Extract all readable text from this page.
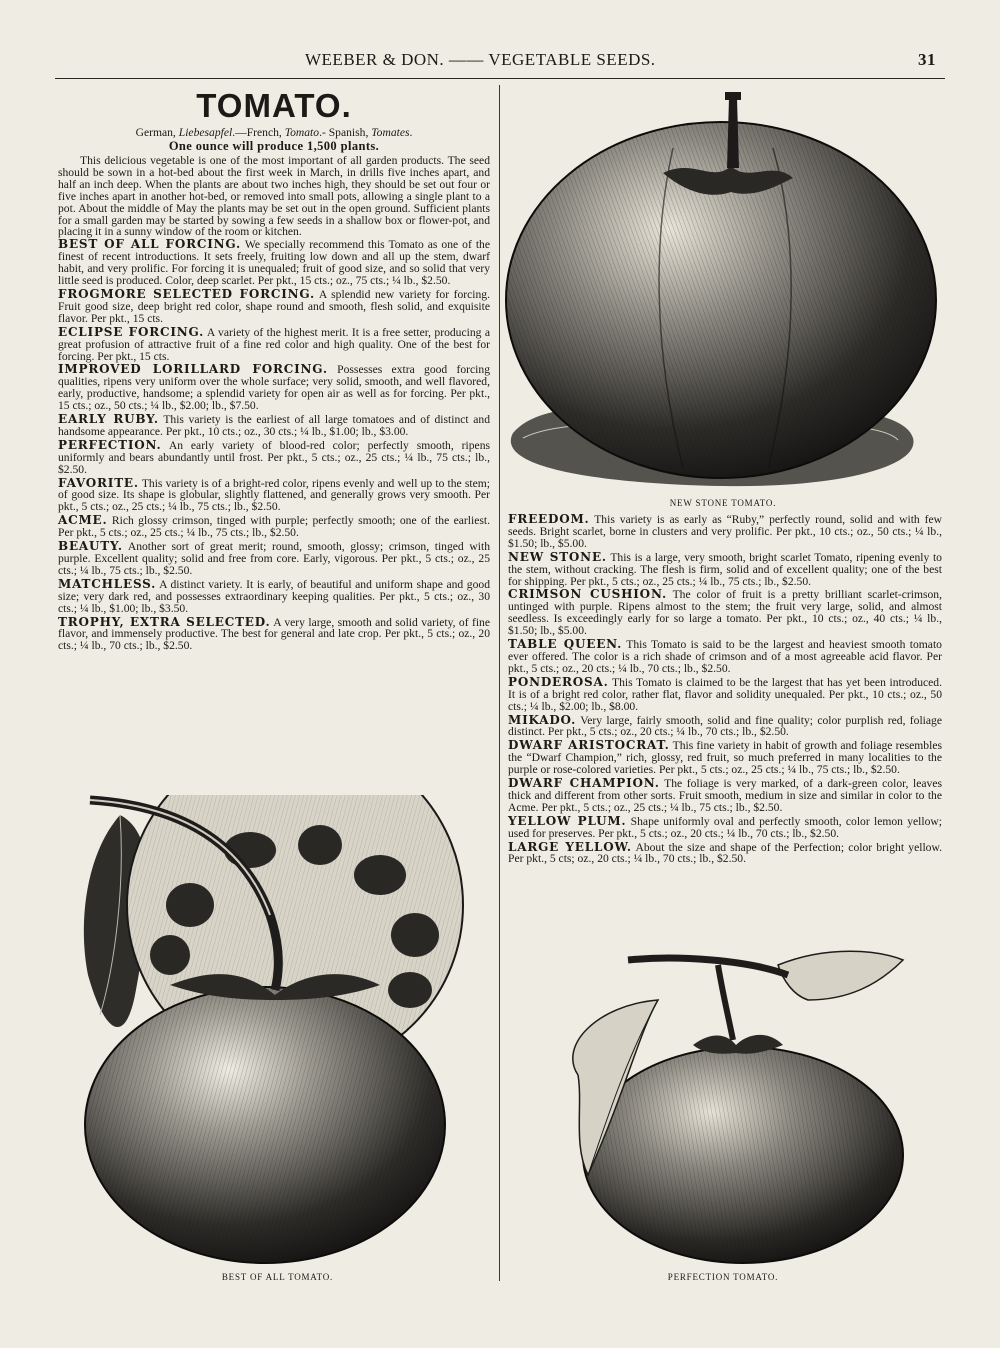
WEEBER & DON. —— VEGETABLE SEEDS.	31
TOMATO.
German, Liebesapfel.—French, Tomato.- Spanish, Tomates.
One ounce will produce 1,500 plants.

This delicious vegetable is one of the most important of all garden products. The seed should be sown in a hot-bed about the first week in March, in drills five inches apart, and half an inch deep. When the plants are about two inches high, they should be set out four or five inches apart in another hot-bed, or removed into small pots, allowing a single plant to a pot. About the middle of May the plants may be set out in the open ground. Sufficient plants for a small garden may be started by sowing a few seeds in a shallow box or flower-pot, and placing it in a sunny window of the room or kitchen.

BEST OF ALL FORCING. We specially recommend this Tomato as one of the finest of recent introductions. It sets freely, fruiting low down and all up the stem, dwarf habit, and very prolific. For forcing it is unequaled; fruit of good size, and so solid that very little seed is produced. Color, deep scarlet. Per pkt., 15 cts.; oz., 75 cts.; ¼ lb., $2.50.

FROGMORE SELECTED FORCING. A splendid new variety for forcing. Fruit good size, deep bright red color, shape round and smooth, flesh solid, and exquisite flavor. Per pkt., 15 cts.

ECLIPSE FORCING. A variety of the highest merit. It is a free setter, producing a great profusion of attractive fruit of a fine red color and high quality. One of the best for forcing. Per pkt., 15 cts.

IMPROVED LORILLARD FORCING. Possesses extra good forcing qualities, ripens very uniform over the whole surface; very solid, smooth, and well flavored, early, productive, handsome; a splendid variety for open air as well as for forcing. Per pkt., 15 cts.; oz., 50 cts.; ¼ lb., $2.00; lb., $7.50.

EARLY RUBY. This variety is the earliest of all large tomatoes and of distinct and handsome appearance. Per pkt., 10 cts.; oz., 30 cts.; ¼ lb., $1.00; lb., $3.00.

PERFECTION. An early variety of blood-red color; perfectly smooth, ripens uniformly and bears abundantly until frost. Per pkt., 5 cts.; oz., 25 cts.; ¼ lb., 75 cts.; lb., $2.50.

FAVORITE. This variety is of a bright-red color, ripens evenly and well up to the stem; of good size. Its shape is globular, slightly flattened, and generally grows very smooth. Per pkt., 5 cts.; oz., 25 cts.; ¼ lb., 75 cts.; lb., $2.50.

ACME. Rich glossy crimson, tinged with purple; perfectly smooth; one of the earliest. Per pkt., 5 cts.; oz., 25 cts.; ¼ lb., 75 cts.; lb., $2.50.

BEAUTY. Another sort of great merit; round, smooth, glossy; crimson, tinged with purple. Excellent quality; solid and free from core. Early, vigorous. Per pkt., 5 cts.; oz., 25 cts.; ¼ lb., 75 cts.; lb., $2.50.

MATCHLESS. A distinct variety. It is early, of beautiful and uniform shape and good size; very dark red, and possesses extraordinary keeping qualities. Per pkt., 5 cts.; oz., 30 cts.; ¼ lb., $1.00; lb., $3.50.

TROPHY, EXTRA SELECTED. A very large, smooth and solid variety, of fine flavor, and immensely productive. The best for general and late crop. Per pkt., 5 cts.; oz., 20 cts.; ¼ lb., 70 cts.; lb., $2.50.

FREEDOM. This variety is as early as “Ruby,” perfectly round, solid and with few seeds. Bright scarlet, borne in clusters and very prolific. Per pkt., 10 cts.; oz., 50 cts.; ¼ lb., $1.50; lb., $5.00.

NEW STONE. This is a large, very smooth, bright scarlet Tomato, ripening evenly to the stem, without cracking. The flesh is firm, solid and of excellent quality; one of the best for shipping. Per pkt., 5 cts.; oz., 25 cts.; ¼ lb., 75 cts.; lb., $2.50.

CRIMSON CUSHION. The color of fruit is a pretty brilliant scarlet-crimson, untinged with purple. Ripens almost to the stem; the fruit very large, solid, and almost seedless. Is exceedingly early for so large a tomato. Per pkt., 10 cts.; oz., 40 cts.; ¼ lb., $1.50; lb., $5.00.

TABLE QUEEN. This Tomato is said to be the largest and heaviest smooth tomato ever offered. The color is a rich shade of crimson and of a most agreeable acid flavor. Per pkt., 5 cts.; oz., 20 cts.; ¼ lb., 70 cts.; lb., $2.50.

PONDEROSA. This Tomato is claimed to be the largest that has yet been introduced. It is of a bright red color, rather flat, flavor and solidity unequaled. Per pkt., 10 cts.; oz., 50 cts.; ¼ lb., $2.00; lb., $8.00.

MIKADO. Very large, fairly smooth, solid and fine quality; color purplish red, foliage distinct. Per pkt., 5 cts.; oz., 20 cts.; ¼ lb., 70 cts.; lb., $2.50.

DWARF ARISTOCRAT. This fine variety in habit of growth and foliage resembles the “Dwarf Champion,” rich, glossy, red fruit, so much preferred in many localities to the purple or rose-colored varieties. Per pkt., 5 cts.; oz., 25 cts.; ¼ lb., 75 cts.; lb., $2.50.

DWARF CHAMPION. The foliage is very marked, of a dark-green color, leaves thick and different from other sorts. Fruit smooth, medium in size and similar in color to the Acme. Per pkt., 5 cts.; oz., 25 cts.; ¼ lb., 75 cts.; lb., $2.50.

YELLOW PLUM. Shape uniformly oval and perfectly smooth, color lemon yellow; used for preserves. Per pkt., 5 cts.; oz., 20 cts.; ¼ lb., 70 cts.; lb., $2.50.

LARGE YELLOW. About the size and shape of the Perfection; color bright yellow. Per pkt., 5 cts; oz., 20 cts.; ¼ lb., 70 cts.; lb., $2.50.

NEW STONE TOMATO.
BEST OF ALL TOMATO.	PERFECTION TOMATO.
